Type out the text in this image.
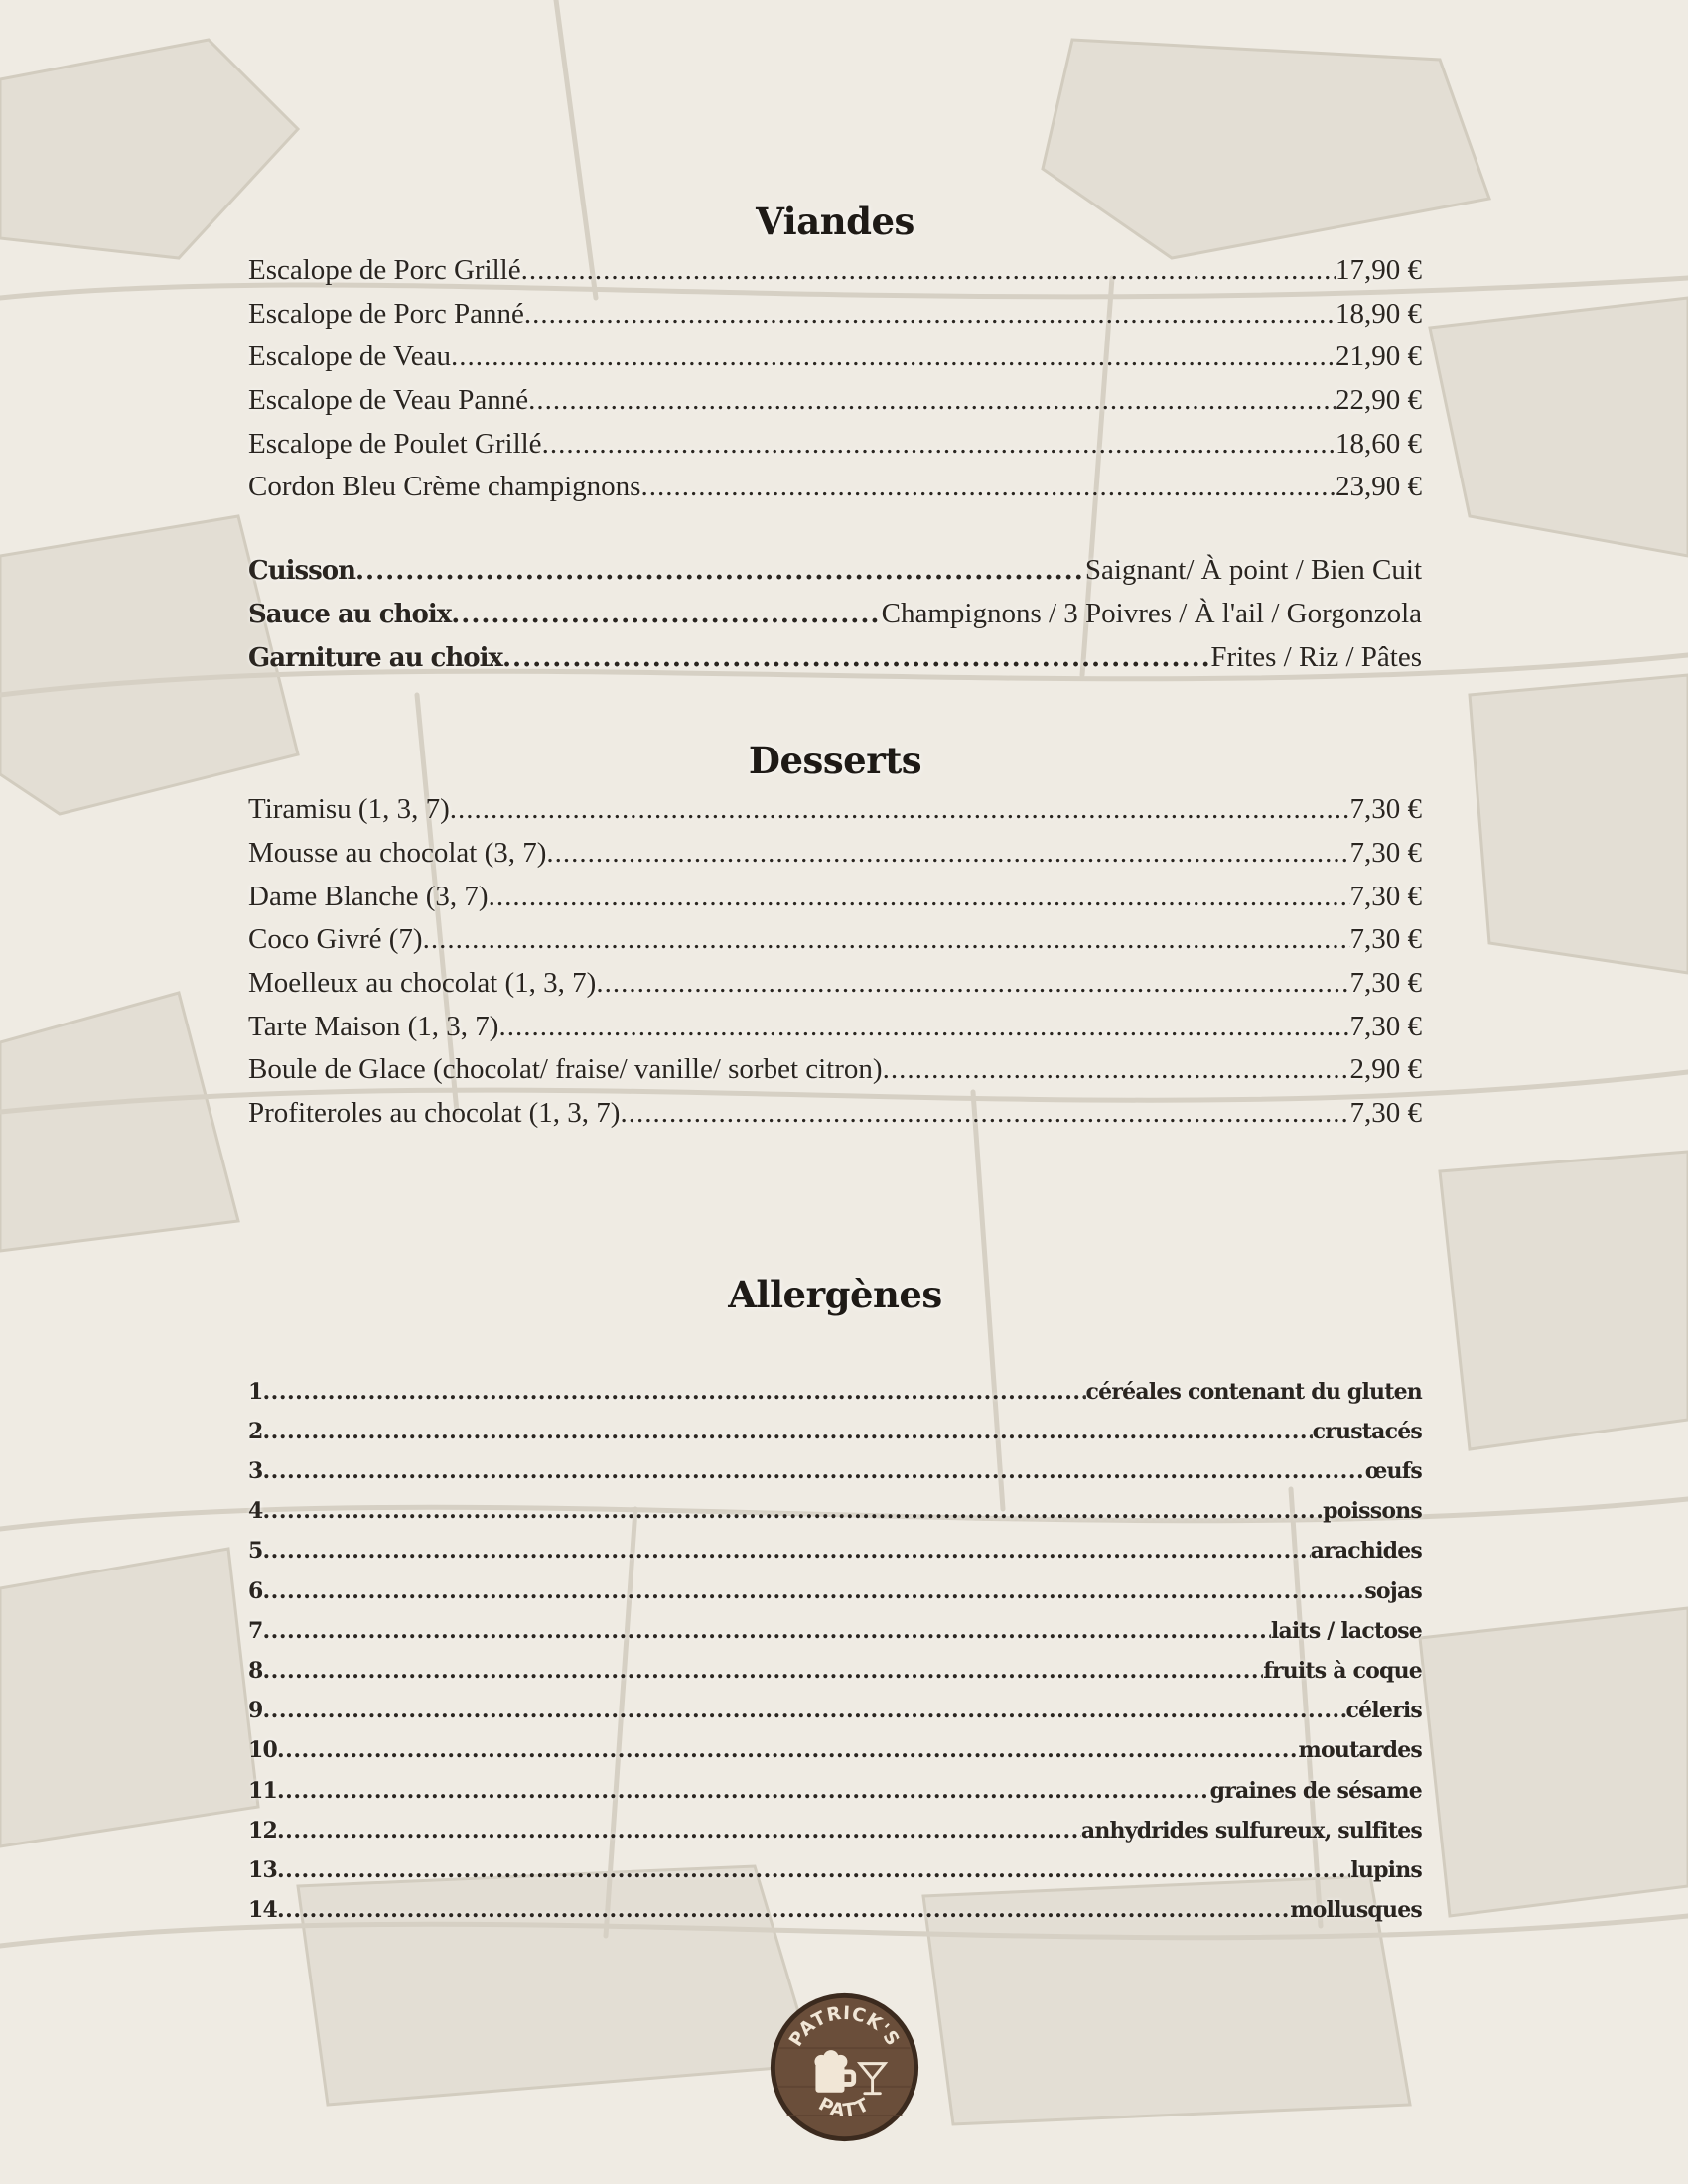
Viandes
Escalope de Porc Grillé .....	17,90 €
Escalope de Porc Panné .....	18,90 €
Escalope de Veau .....	21,90 €
Escalope de Veau Panné .....	22,90 €
Escalope de Poulet Grillé .....	18,60 €
Cordon Bleu Crème champignons .....	23,90 €
Cuisson .....	Saignant/ À point / Bien Cuit
Sauce au choix .....	Champignons / 3 Poivres / À l'ail / Gorgonzola
Garniture au choix .....	Frites / Riz / Pâtes
Desserts
Tiramisu (1, 3, 7) .....	7,30 €
Mousse au chocolat (3, 7) .....	7,30 €
Dame Blanche (3, 7) .....	7,30 €
Coco Givré (7) .....	7,30 €
Moelleux au chocolat (1, 3, 7) .....	7,30 €
Tarte Maison (1, 3, 7) .....	7,30 €
Boule de Glace (chocolat/ fraise/ vanille/ sorbet citron) .....	2,90 €
Profiteroles au chocolat (1, 3, 7) .....	7,30 €
Allergènes
1 .....	céréales contenant du gluten
2 .....	crustacés
3 .....	œufs
4 .....	poissons
5 .....	arachides
6 .....	sojas
7 .....	laits / lactose
8 .....	fruits à coque
9 .....	céleris
10 .....	moutardes
11 .....	graines de sésame
12 .....	anhydrides sulfureux, sulfites
13 .....	lupins
14 .....	mollusques
PATRICK'S
PATT
